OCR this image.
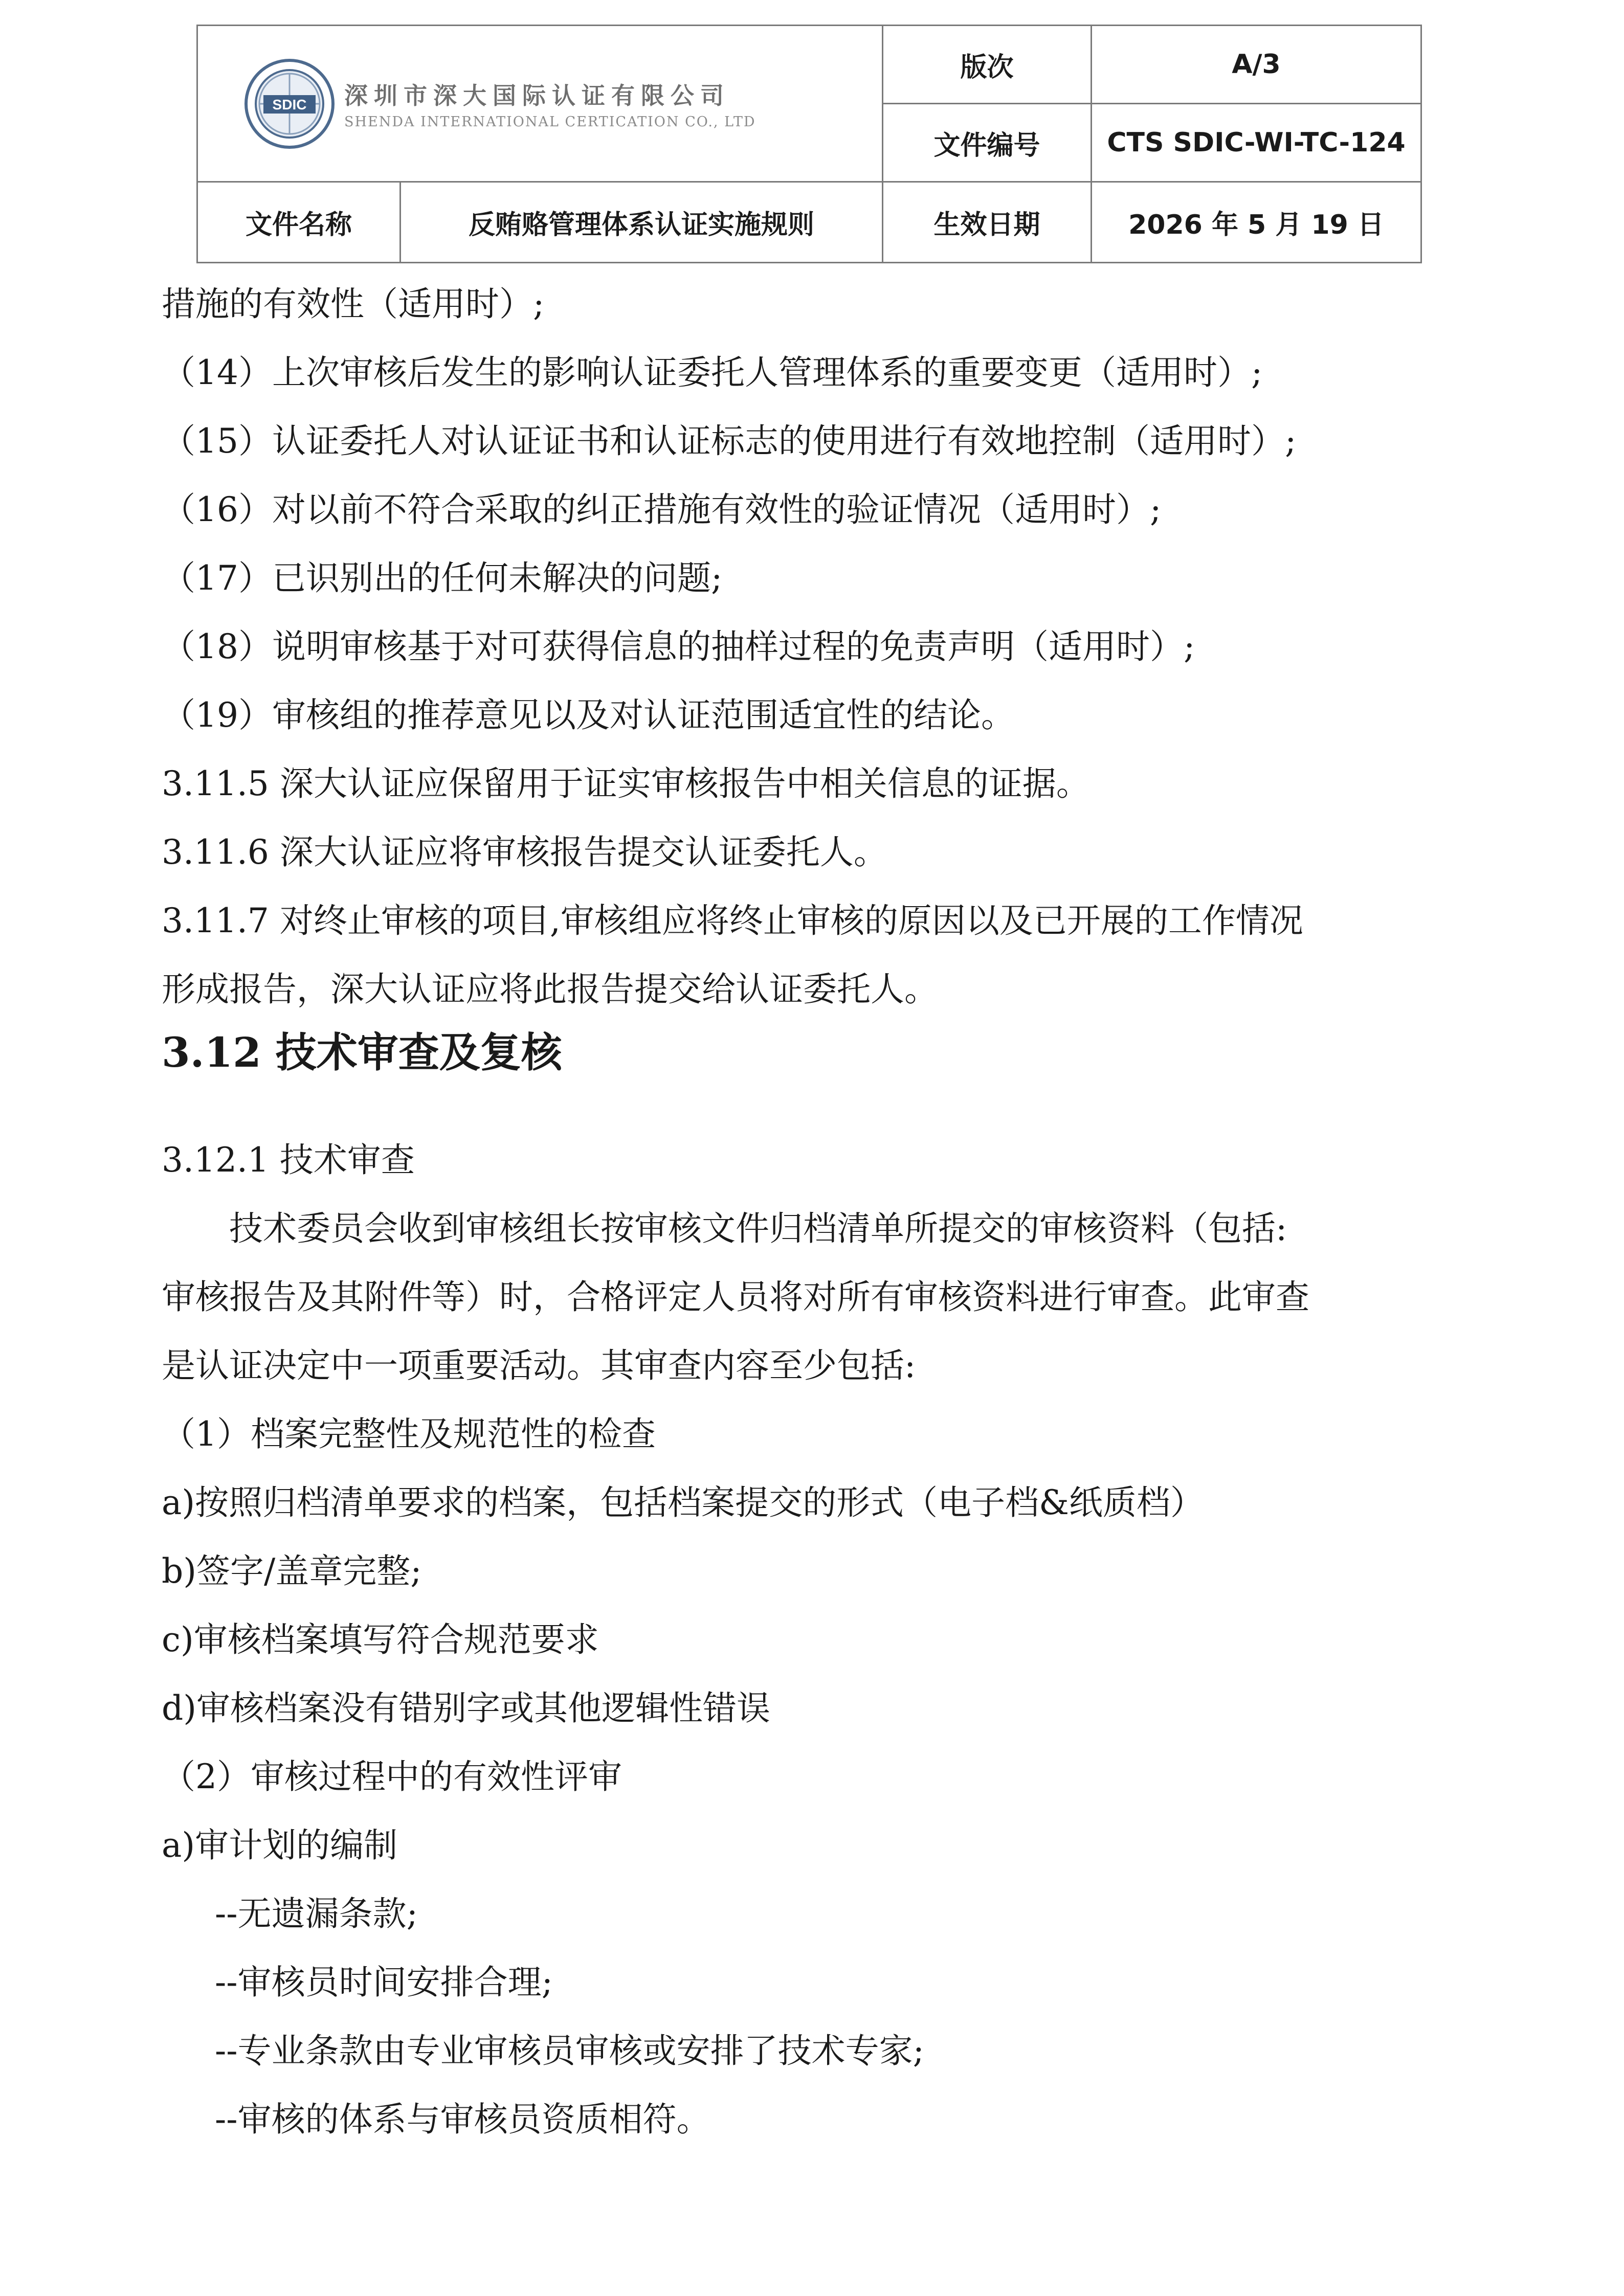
SDIC 深圳市深大国际认证有限公司
SHENDA INTERNATIONAL CERTICATION CO., LTD		版次	A/3
		文件编号	CTS SDIC-WI-TC-124
文件名称	反贿赂管理体系认证实施规则	生效日期	2026 年 5 月 19 日

措施的有效性（适用时）;

（14）上次审核后发生的影响认证委托人管理体系的重要变更（适用时）;

（15）认证委托人对认证证书和认证标志的使用进行有效地控制（适用时）;

（16）对以前不符合采取的纠正措施有效性的验证情况（适用时）;

（17）已识别出的任何未解决的问题;

（18）说明审核基于对可获得信息的抽样过程的免责声明（适用时）;

（19）审核组的推荐意见以及对认证范围适宜性的结论。

3.11.5 深大认证应保留用于证实审核报告中相关信息的证据。

3.11.6 深大认证应将审核报告提交认证委托人。

3.11.7 对终止审核的项目,审核组应将终止审核的原因以及已开展的工作情况

形成报告，深大认证应将此报告提交给认证委托人。

3.12 技术审查及复核

3.12.1 技术审查

技术委员会收到审核组长按审核文件归档清单所提交的审核资料（包括:

审核报告及其附件等）时，合格评定人员将对所有审核资料进行审查。此审查

是认证决定中一项重要活动。其审查内容至少包括:

（1）档案完整性及规范性的检查

a)按照归档清单要求的档案，包括档案提交的形式（电子档&纸质档）

b)签字/盖章完整;

c)审核档案填写符合规范要求

d)审核档案没有错别字或其他逻辑性错误

（2）审核过程中的有效性评审

a)审计划的编制

--无遗漏条款;

--审核员时间安排合理;

--专业条款由专业审核员审核或安排了技术专家;

--审核的体系与审核员资质相符。
